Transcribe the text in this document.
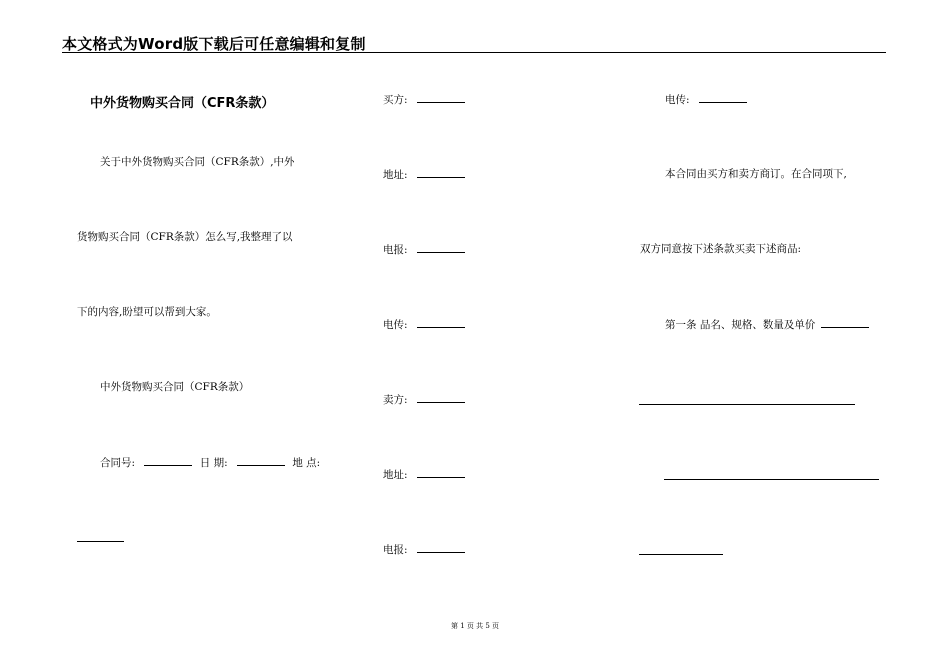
本文格式为Word版下载后可任意编辑和复制
中外货物购买合同（CFR条款）
关于中外货物购买合同（CFR条款）,中外
货物购买合同（CFR条款）怎么写,我整理了以
下的内容,盼望可以帮到大家。
中外货物购买合同（CFR条款）
合同号:	日 期:	地 点:
买方:
地址:
电报:
电传:
卖方:
地址:
电报:
电传:
本合同由买方和卖方商订。在合同项下,
双方同意按下述条款买卖下述商品:
第一条 品名、规格、数量及单价
第 1 页 共 5 页
